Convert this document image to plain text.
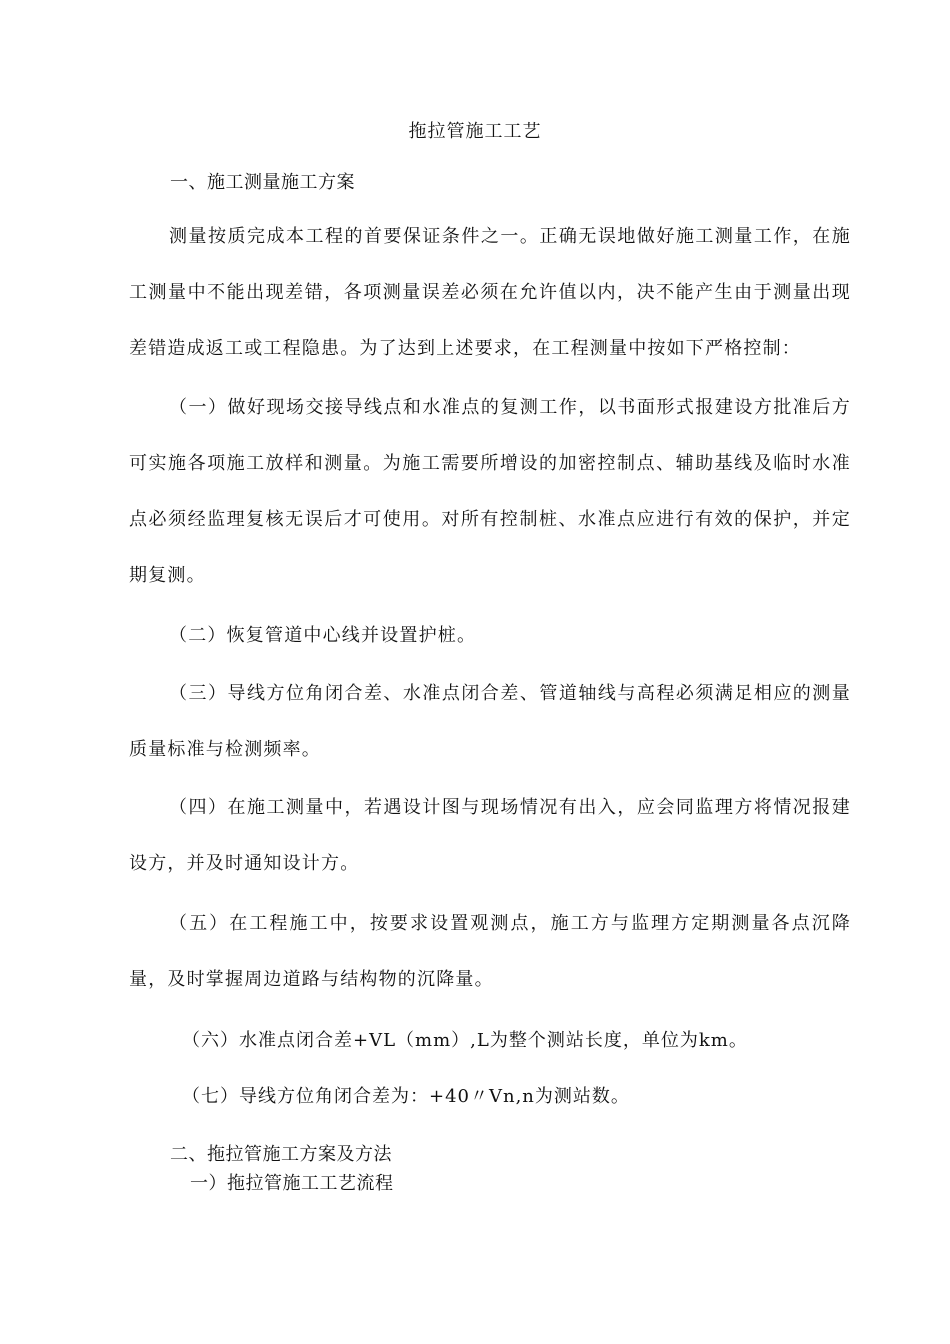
拖拉管施工工艺
一、施工测量施工方案
测量按质完成本工程的首要保证条件之一。正确无误地做好施工测量工作，在施工测量中不能出现差错，各项测量误差必须在允许值以内，决不能产生由于测量出现差错造成返工或工程隐患。为了达到上述要求，在工程测量中按如下严格控制：
（一）做好现场交接导线点和水准点的复测工作，以书面形式报建设方批准后方可实施各项施工放样和测量。为施工需要所增设的加密控制点、辅助基线及临时水准点必须经监理复核无误后才可使用。对所有控制桩、水准点应进行有效的保护，并定期复测。
（二）恢复管道中心线并设置护桩。
（三）导线方位角闭合差、水准点闭合差、管道轴线与高程必须满足相应的测量质量标准与检测频率。
（四）在施工测量中，若遇设计图与现场情况有出入，应会同监理方将情况报建设方，并及时通知设计方。
（五）在工程施工中，按要求设置观测点，施工方与监理方定期测量各点沉降量，及时掌握周边道路与结构物的沉降量。
（六）水准点闭合差+VL（mm）,L为整个测站长度，单位为km。
（七）导线方位角闭合差为：+40〃Vn,n为测站数。
二、拖拉管施工方案及方法
一）拖拉管施工工艺流程
